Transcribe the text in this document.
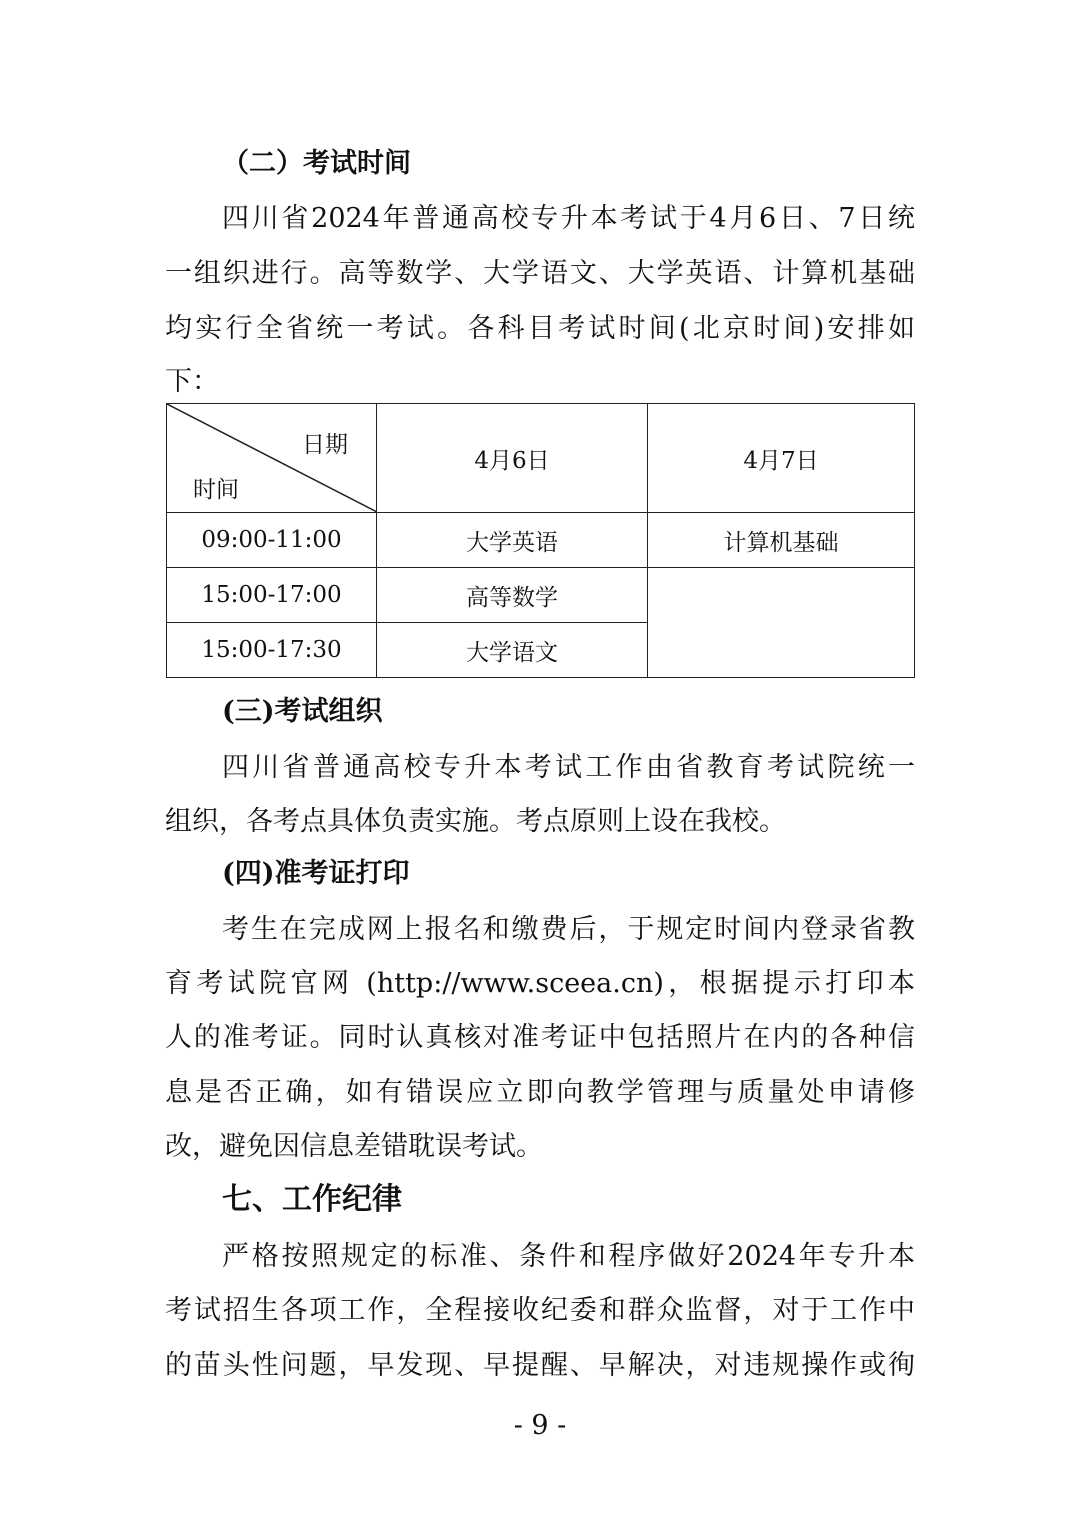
（二）考试时间
四川省2024年普通高校专升本考试于4月6日、7日统
一组织进行。高等数学、大学语文、大学英语、计算机基础
均实行全省统一考试。各科目考试时间(北京时间)安排如
下：
日期
时间	4月6日	4月7日
09:00-11:00	大学英语	计算机基础
15:00-17:00	高等数学	
15:00-17:30	大学语文	
(三)考试组织
四川省普通高校专升本考试工作由省教育考试院统一
组织，各考点具体负责实施。考点原则上设在我校。
(四)准考证打印
考生在完成网上报名和缴费后，于规定时间内登录省教
育考试院官网 (http://www.sceea.cn)，根据提示打印本
人的准考证。同时认真核对准考证中包括照片在内的各种信
息是否正确，如有错误应立即向教学管理与质量处申请修
改，避免因信息差错耽误考试。
七、工作纪律
严格按照规定的标准、条件和程序做好2024年专升本
考试招生各项工作，全程接收纪委和群众监督，对于工作中
的苗头性问题，早发现、早提醒、早解决，对违规操作或徇
- 9 -
